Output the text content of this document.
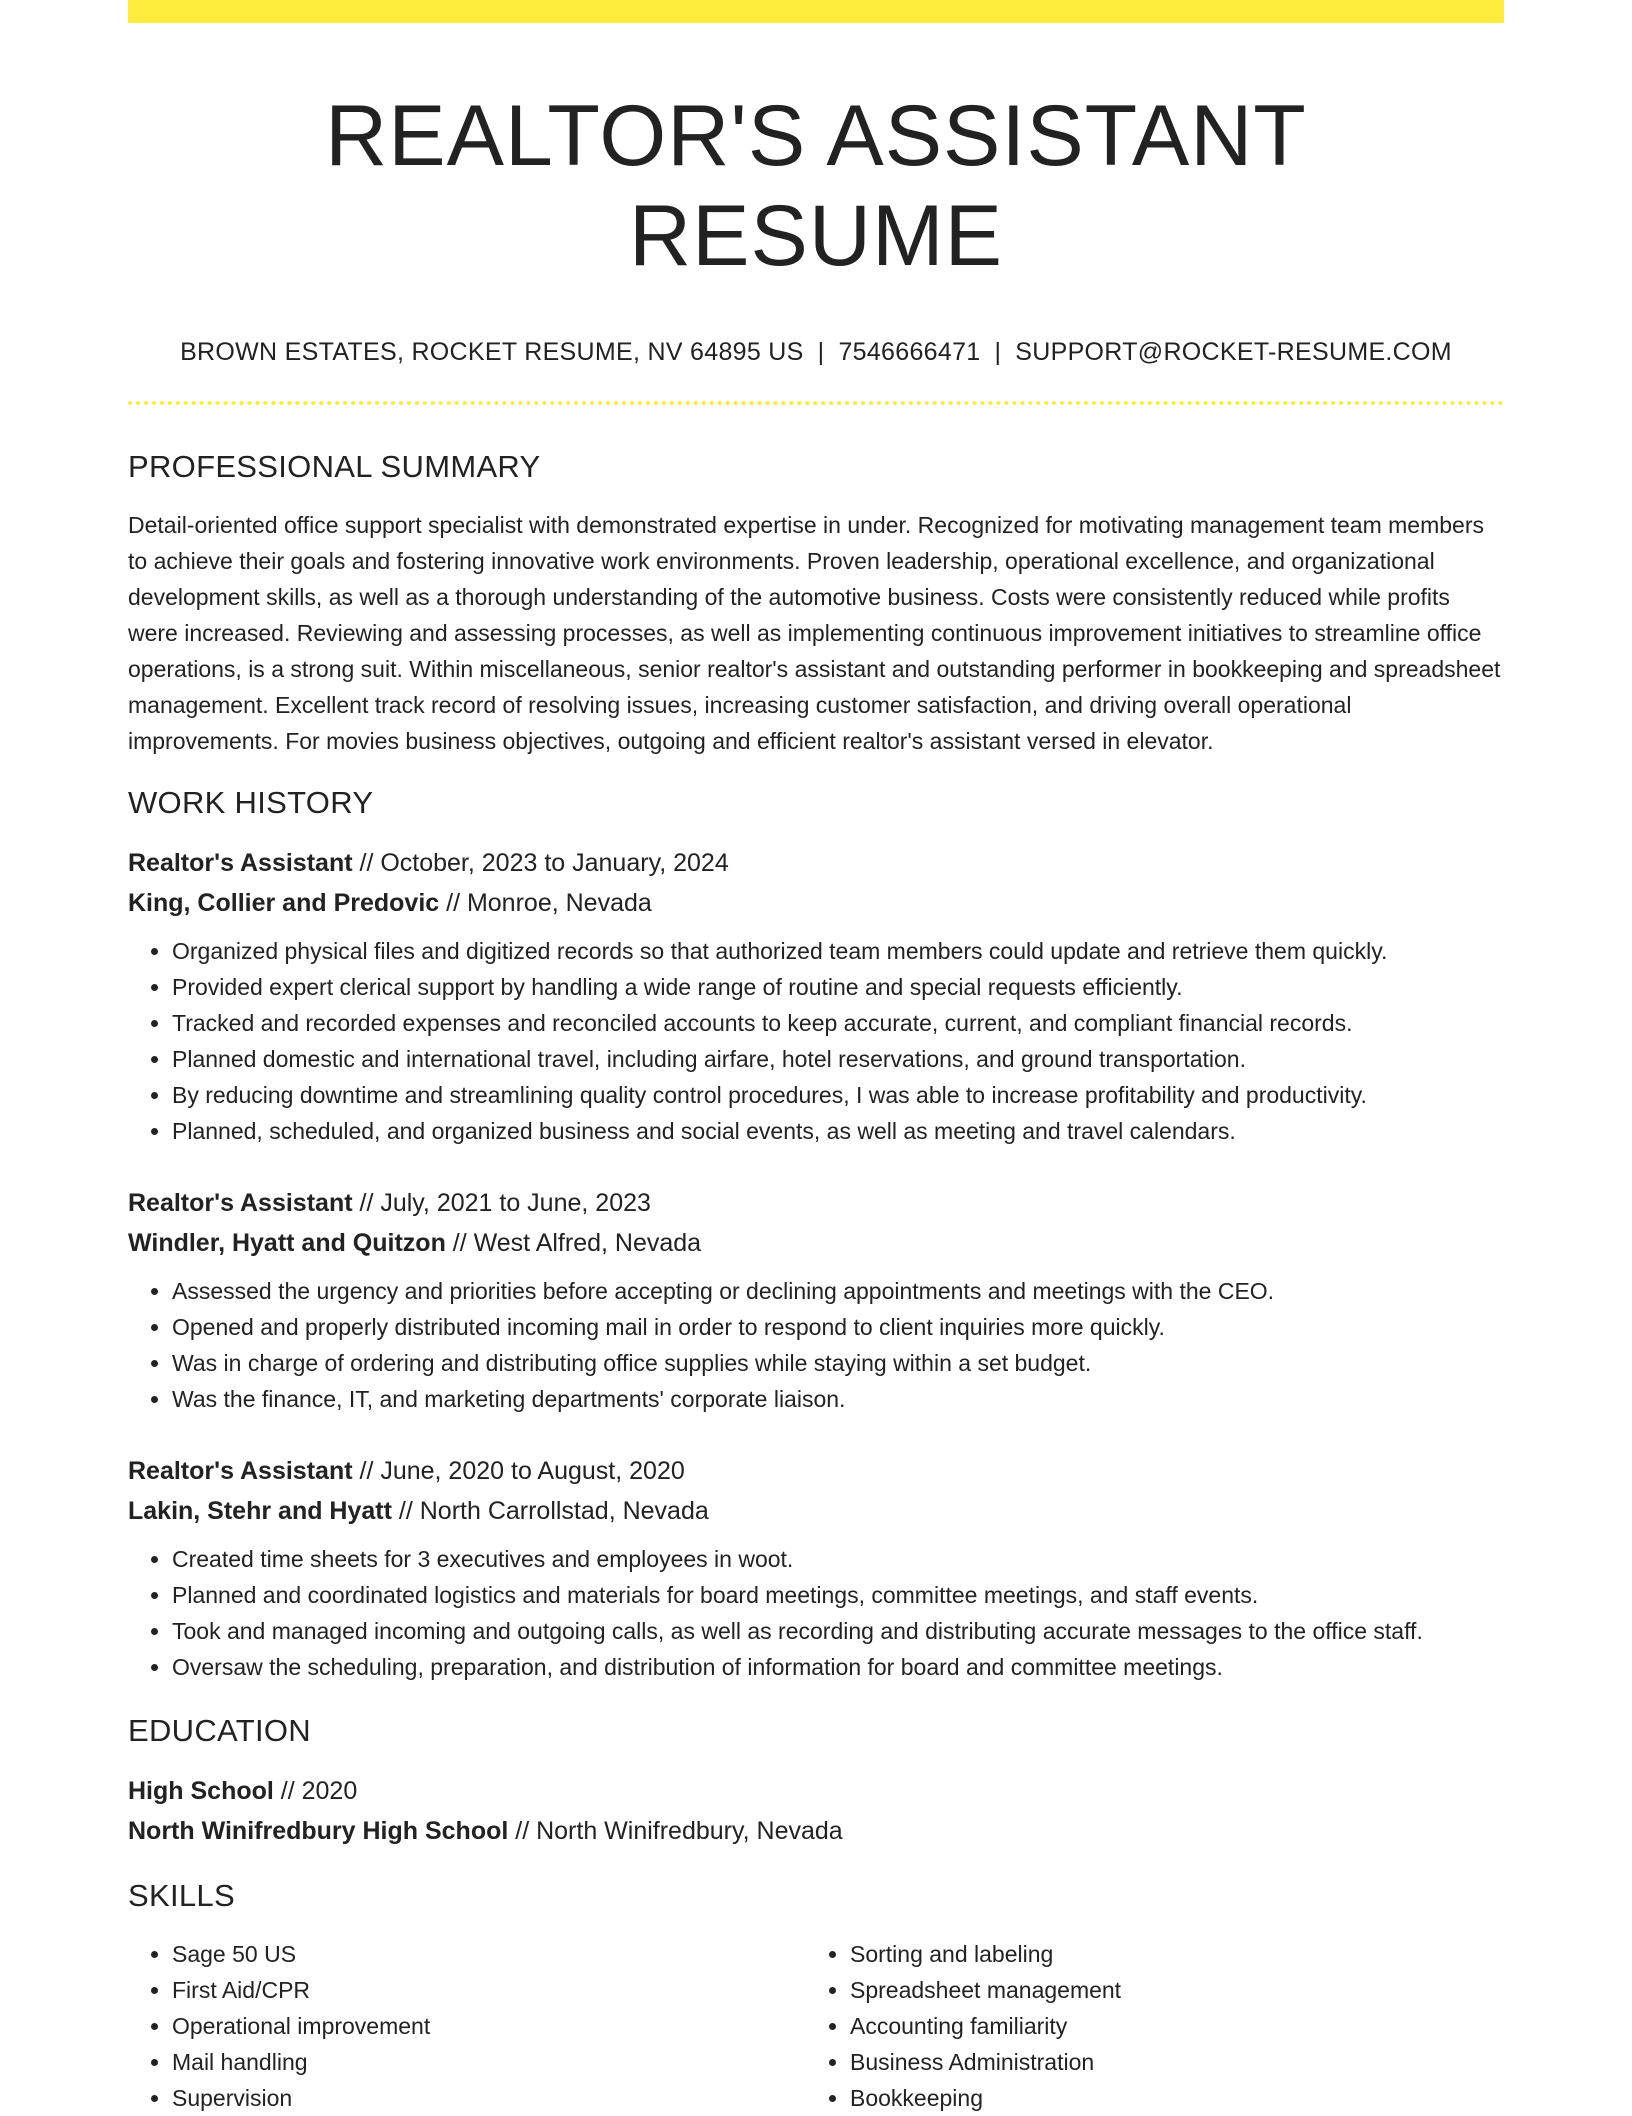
REALTOR'S ASSISTANT RESUME
BROWN ESTATES, ROCKET RESUME, NV 64895 US | 7546666471 | SUPPORT@ROCKET-RESUME.COM
PROFESSIONAL SUMMARY

Detail-oriented office support specialist with demonstrated expertise in under. Recognized for motivating management team members to achieve their goals and fostering innovative work environments. Proven leadership, operational excellence, and organizational development skills, as well as a thorough understanding of the automotive business. Costs were consistently reduced while profits were increased. Reviewing and assessing processes, as well as implementing continuous improvement initiatives to streamline office operations, is a strong suit. Within miscellaneous, senior realtor's assistant and outstanding performer in bookkeeping and spreadsheet management. Excellent track record of resolving issues, increasing customer satisfaction, and driving overall operational improvements. For movies business objectives, outgoing and efficient realtor's assistant versed in elevator.

WORK HISTORY
Realtor's Assistant // October, 2023 to January, 2024
King, Collier and Predovic // Monroe, Nevada
• Organized physical files and digitized records so that authorized team members could update and retrieve them quickly.
• Provided expert clerical support by handling a wide range of routine and special requests efficiently.
• Tracked and recorded expenses and reconciled accounts to keep accurate, current, and compliant financial records.
• Planned domestic and international travel, including airfare, hotel reservations, and ground transportation.
• By reducing downtime and streamlining quality control procedures, I was able to increase profitability and productivity.
• Planned, scheduled, and organized business and social events, as well as meeting and travel calendars.
Realtor's Assistant // July, 2021 to June, 2023
Windler, Hyatt and Quitzon // West Alfred, Nevada
• Assessed the urgency and priorities before accepting or declining appointments and meetings with the CEO.
• Opened and properly distributed incoming mail in order to respond to client inquiries more quickly.
• Was in charge of ordering and distributing office supplies while staying within a set budget.
• Was the finance, IT, and marketing departments' corporate liaison.
Realtor's Assistant // June, 2020 to August, 2020
Lakin, Stehr and Hyatt // North Carrollstad, Nevada
• Created time sheets for 3 executives and employees in woot.
• Planned and coordinated logistics and materials for board meetings, committee meetings, and staff events.
• Took and managed incoming and outgoing calls, as well as recording and distributing accurate messages to the office staff.
• Oversaw the scheduling, preparation, and distribution of information for board and committee meetings.
EDUCATION
High School // 2020
North Winifredbury High School // North Winifredbury, Nevada
SKILLS
• Sage 50 US
• First Aid/CPR
• Operational improvement
• Mail handling
• Supervision
• Sorting and labeling
• Spreadsheet management
• Accounting familiarity
• Business Administration
• Bookkeeping
